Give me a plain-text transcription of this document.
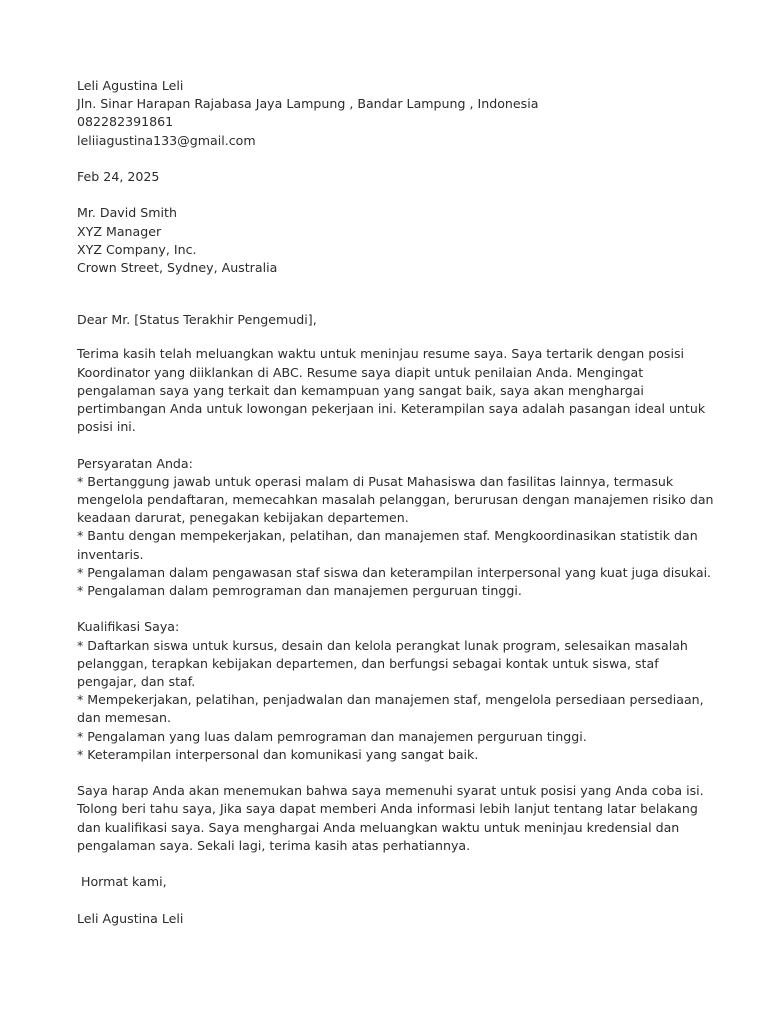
Leli Agustina Leli
Jln. Sinar Harapan Rajabasa Jaya Lampung , Bandar Lampung , Indonesia
082282391861
leliiagustina133@gmail.com
Feb 24, 2025
Mr. David Smith
XYZ Manager
XYZ Company, Inc.
Crown Street, Sydney, Australia
Dear Mr. [Status Terakhir Pengemudi],
Terima kasih telah meluangkan waktu untuk meninjau resume saya. Saya tertarik dengan posisi
Koordinator yang diiklankan di ABC. Resume saya diapit untuk penilaian Anda. Mengingat
pengalaman saya yang terkait dan kemampuan yang sangat baik, saya akan menghargai
pertimbangan Anda untuk lowongan pekerjaan ini. Keterampilan saya adalah pasangan ideal untuk
posisi ini.
Persyaratan Anda:
* Bertanggung jawab untuk operasi malam di Pusat Mahasiswa dan fasilitas lainnya, termasuk
mengelola pendaftaran, memecahkan masalah pelanggan, berurusan dengan manajemen risiko dan
keadaan darurat, penegakan kebijakan departemen.
* Bantu dengan mempekerjakan, pelatihan, dan manajemen staf. Mengkoordinasikan statistik dan
inventaris.
* Pengalaman dalam pengawasan staf siswa dan keterampilan interpersonal yang kuat juga disukai.
* Pengalaman dalam pemrograman dan manajemen perguruan tinggi.
Kualifikasi Saya:
* Daftarkan siswa untuk kursus, desain dan kelola perangkat lunak program, selesaikan masalah
pelanggan, terapkan kebijakan departemen, dan berfungsi sebagai kontak untuk siswa, staf
pengajar, dan staf.
* Mempekerjakan, pelatihan, penjadwalan dan manajemen staf, mengelola persediaan persediaan,
dan memesan.
* Pengalaman yang luas dalam pemrograman dan manajemen perguruan tinggi.
* Keterampilan interpersonal dan komunikasi yang sangat baik.
Saya harap Anda akan menemukan bahwa saya memenuhi syarat untuk posisi yang Anda coba isi.
Tolong beri tahu saya, Jika saya dapat memberi Anda informasi lebih lanjut tentang latar belakang
dan kualifikasi saya. Saya menghargai Anda meluangkan waktu untuk meninjau kredensial dan
pengalaman saya. Sekali lagi, terima kasih atas perhatiannya.
Hormat kami,
Leli Agustina Leli
